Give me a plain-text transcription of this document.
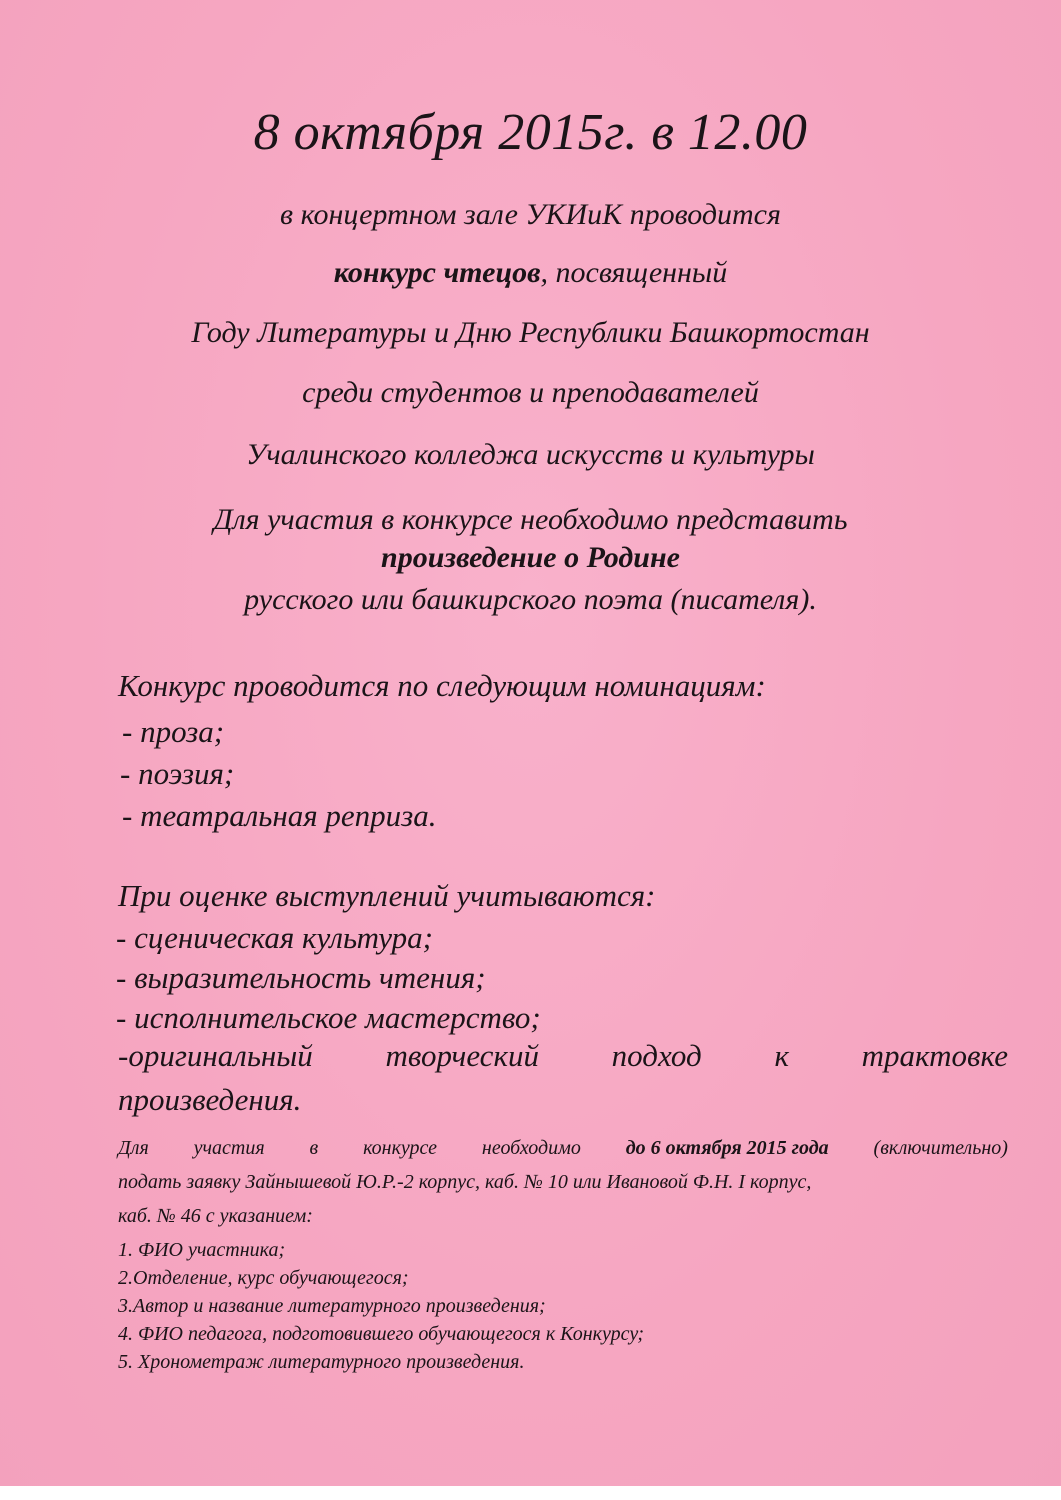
8 октября 2015г. в 12.00
в концертном зале УКИиК проводится
конкурс чтецов, посвященный
Году Литературы и Дню Республики Башкортостан
среди студентов и преподавателей
Учалинского колледжа искусств и культуры
Для участия в конкурсе необходимо представить
произведение о Родине
русского или башкирского поэта (писателя).
Конкурс проводится по следующим номинациям:
- проза;
- поэзия;
- театральная реприза.
При оценке выступлений учитываются:
- сценическая культура;
- выразительность чтения;
- исполнительское мастерство;
-оригинальный творческий подход к трактовке
произведения.
Для участия в конкурсе необходимо до 6 октября 2015 года (включительно)
подать заявку Зайнышевой Ю.Р.-2 корпус, каб. № 10 или Ивановой Ф.Н. I корпус,
каб. № 46 с указанием:
1. ФИО участника;
2.Отделение, курс обучающегося;
3.Автор и название литературного произведения;
4. ФИО педагога, подготовившего обучающегося к Конкурсу;
5. Хронометраж литературного произведения.
